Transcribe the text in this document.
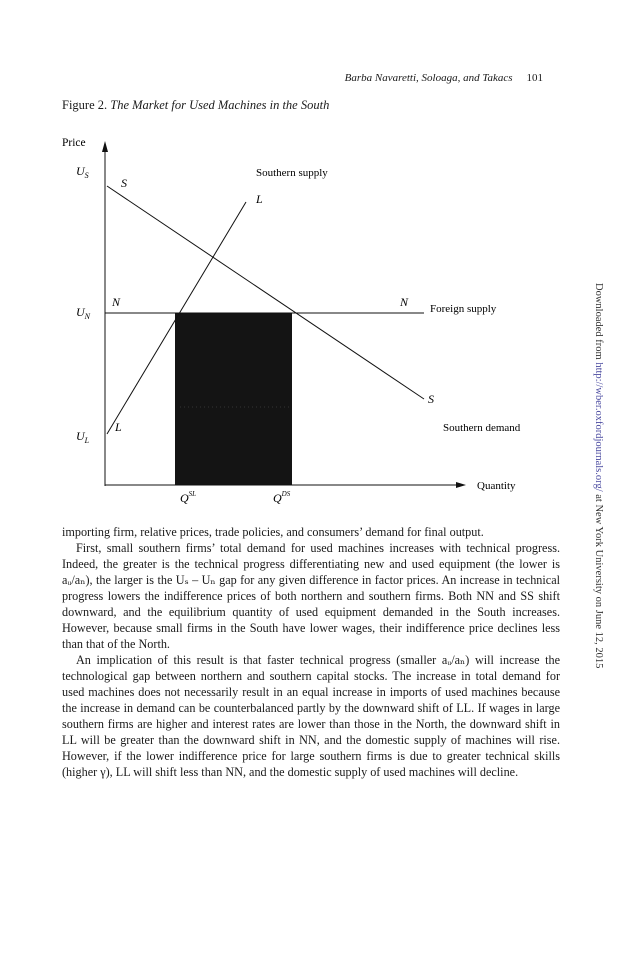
Barba Navaretti, Soloaga, and Takacs 101
Figure 2. The Market for Used Machines in the South
Downloaded from http://wber.oxfordjournals.org/ at New York University on June 12, 2015
Price
Quantity
$U_S$
$U_N$
$U_L$
$Q^{SL}$	$Q^{DS}$
S
S
L
L
N	N
Southern supply
Foreign supply
Southern demand

importing firm, relative prices, trade policies, and consumers’ demand for final output.

First, small southern firms’ total demand for used machines increases with technical progress. Indeed, the greater is the technical progress differentiating new and used equipment (the lower is aᵤ/aₙ), the larger is the Uₛ – Uₙ gap for any given difference in factor prices. An increase in technical progress lowers the indifference prices of both northern and southern firms. Both NN and SS shift downward, and the equilibrium quantity of used equipment demanded in the South increases. However, because small firms in the South have lower wages, their indifference price declines less than that of the North.

An implication of this result is that faster technical progress (smaller aᵤ/aₙ) will increase the technological gap between northern and southern capital stocks. The increase in total demand for used machines does not necessarily result in an equal increase in imports of used machines because the increase in demand can be counterbalanced partly by the downward shift of LL. If wages in large southern firms are higher and interest rates are lower than those in the North, the downward shift in LL will be greater than the downward shift in NN, and the domestic supply of machines will rise. However, if the lower indifference price for large southern firms is due to greater technical skills (higher γ), LL will shift less than NN, and the domestic supply of used machines will decline.
